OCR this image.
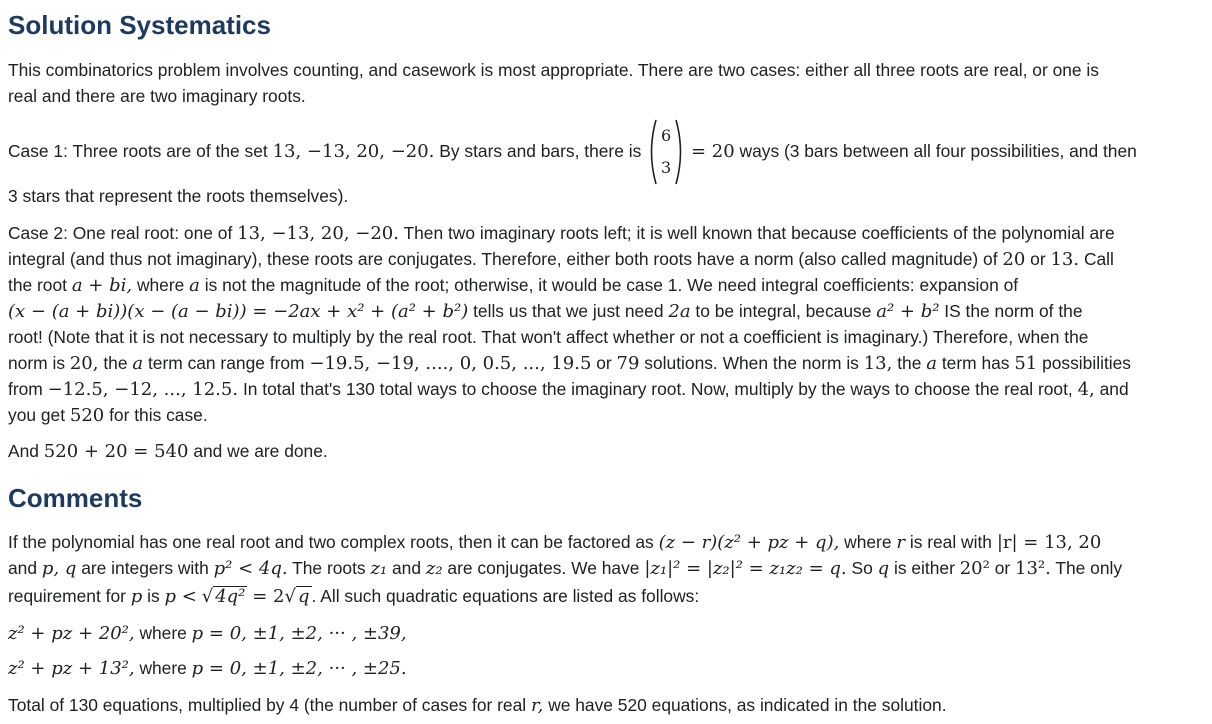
Solution Systematics
This combinatorics problem involves counting, and casework is most appropriate. There are two cases: either all three roots are real, or one is
real and there are two imaginary roots.
Case 1: Three roots are of the set 13, −13, 20, −20. By stars and bars, there is
6
3
= 20 ways (3 bars between all four possibilities, and then
3 stars that represent the roots themselves).
Case 2: One real root: one of 13, −13, 20, −20. Then two imaginary roots left; it is well known that because coefficients of the polynomial are
integral (and thus not imaginary), these roots are conjugates. Therefore, either both roots have a norm (also called magnitude) of 20 or 13. Call
the root a + bi, where a is not the magnitude of the root; otherwise, it would be case 1. We need integral coefficients: expansion of
(x − (a + bi))(x − (a − bi)) = −2ax + x² + (a² + b²) tells us that we just need 2a to be integral, because a² + b² IS the norm of the
root! (Note that it is not necessary to multiply by the real root. That won't affect whether or not a coefficient is imaginary.) Therefore, when the
norm is 20, the a term can range from −19.5, −19, ...., 0, 0.5, ..., 19.5 or 79 solutions. When the norm is 13, the a term has 51 possibilities
from −12.5, −12, ..., 12.5. In total that's 130 total ways to choose the imaginary root. Now, multiply by the ways to choose the real root, 4, and
you get 520 for this case.
And 520 + 20 = 540 and we are done.
Comments
If the polynomial has one real root and two complex roots, then it can be factored as (z − r)(z² + pz + q), where r is real with |r| = 13, 20
and p, q are integers with p² < 4q. The roots z₁ and z₂ are conjugates. We have |z₁|² = |z₂|² = z₁z₂ = q. So q is either 20² or 13². The only
requirement for p is p < √ 4q² = 2√ q . All such quadratic equations are listed as follows:
z² + pz + 20², where p = 0, ±1, ±2, ··· , ±39,
z² + pz + 13², where p = 0, ±1, ±2, ··· , ±25.
Total of 130 equations, multiplied by 4 (the number of cases for real r, we have 520 equations, as indicated in the solution.
